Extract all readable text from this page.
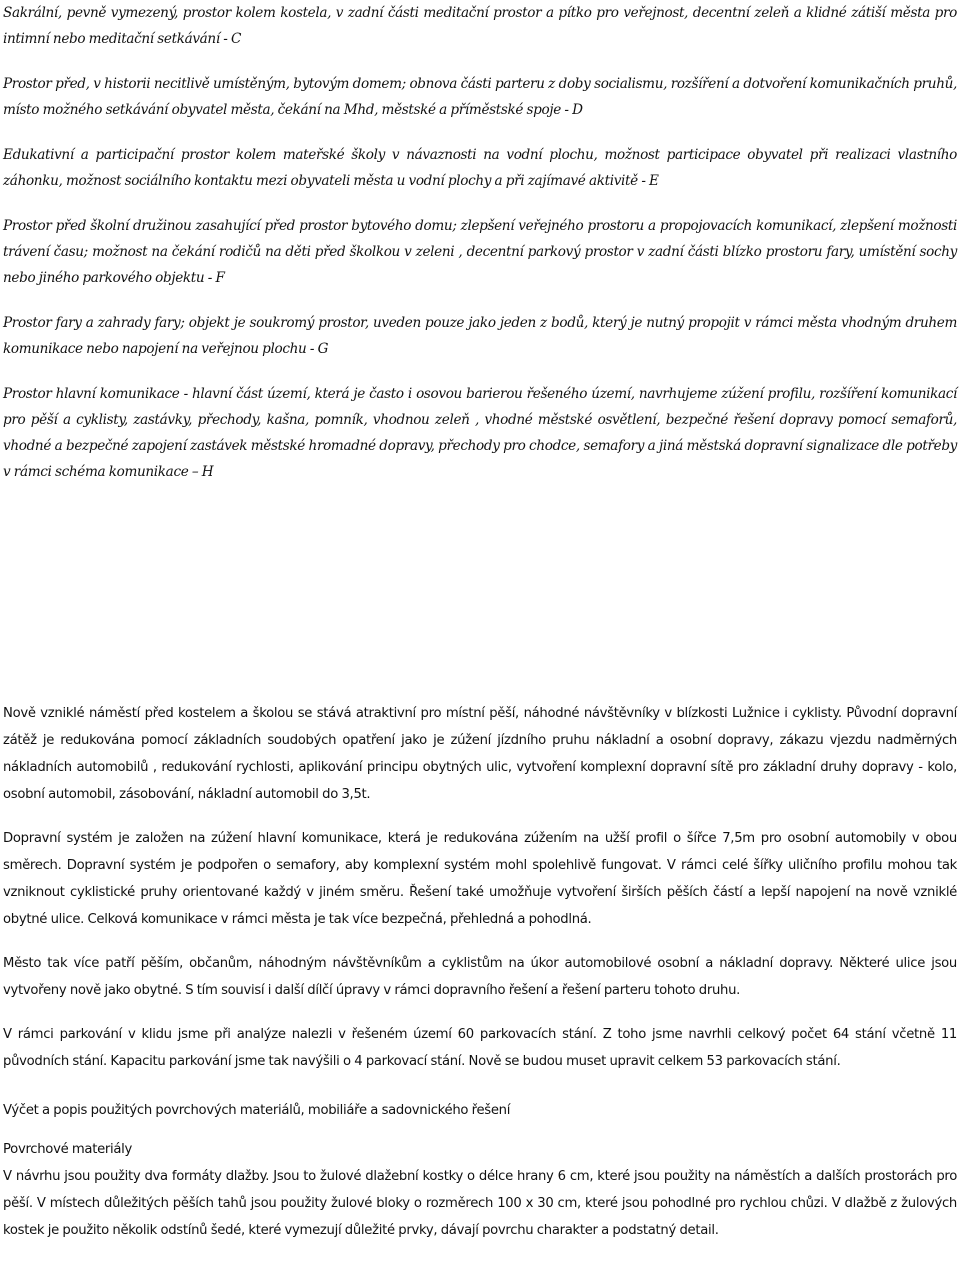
Sakrální, pevně vymezený, prostor kolem kostela, v zadní části meditační prostor a pítko pro veřejnost, decentní zeleň a klidné zátiší města pro intimní nebo meditační setkávání - C

Prostor před, v historii necitlivě umístěným, bytovým domem; obnova části parteru z doby socialismu, rozšíření a dotvoření komunikačních pruhů, místo možného setkávání obyvatel města, čekání na Mhd, městské a příměstské spoje - D

Edukativní a participační prostor kolem mateřské školy v návaznosti na vodní plochu, možnost participace obyvatel při realizaci vlastního záhonku, možnost sociálního kontaktu mezi obyvateli města u vodní plochy a při zajímavé aktivitě - E

Prostor před školní družinou zasahující před prostor bytového domu; zlepšení veřejného prostoru a propojovacích komunikací, zlepšení možnosti trávení času; možnost na čekání rodičů na děti před školkou v zeleni , decentní parkový prostor v zadní části blízko prostoru fary, umístění sochy nebo jiného parkového objektu - F

Prostor fary a zahrady fary; objekt je soukromý prostor, uveden pouze jako jeden z bodů, který je nutný propojit v rámci města vhodným druhem komunikace nebo napojení na veřejnou plochu - G

Prostor hlavní komunikace - hlavní část území, která je často i osovou barierou řešeného území, navrhujeme zúžení profilu, rozšíření komunikací pro pěší a cyklisty, zastávky, přechody, kašna, pomník, vhodnou zeleň , vhodné městské osvětlení, bezpečné řešení dopravy pomocí semaforů, vhodné a bezpečné zapojení zastávek městské hromadné dopravy, přechody pro chodce, semafory a jiná městská dopravní signalizace dle potřeby v rámci schéma komunikace – H

Nově vzniklé náměstí před kostelem a školou se stává atraktivní pro místní pěší, náhodné návštěvníky v blízkosti Lužnice i cyklisty. Původní dopravní zátěž je redukována pomocí základních soudobých opatření jako je zúžení jízdního pruhu nákladní a osobní dopravy, zákazu vjezdu nadměrných nákladních automobilů , redukování rychlosti, aplikování principu obytných ulic, vytvoření komplexní dopravní sítě pro základní druhy dopravy - kolo, osobní automobil, zásobování, nákladní automobil do 3,5t.

Dopravní systém je založen na zúžení hlavní komunikace, která je redukována zúžením na užší profil o šířce 7,5m pro osobní automobily v obou směrech. Dopravní systém je podpořen o semafory, aby komplexní systém mohl spolehlivě fungovat. V rámci celé šířky uličního profilu mohou tak vzniknout cyklistické pruhy orientované každý v jiném směru. Řešení také umožňuje vytvoření širších pěších částí a lepší napojení na nově vzniklé obytné ulice. Celková komunikace v rámci města je tak více bezpečná, přehledná a pohodlná.

Město tak více patří pěším, občanům, náhodným návštěvníkům a cyklistům na úkor automobilové osobní a nákladní dopravy. Některé ulice jsou vytvořeny nově jako obytné. S tím souvisí i další dílčí úpravy v rámci dopravního řešení a řešení parteru tohoto druhu.

V rámci parkování v klidu jsme při analýze nalezli v řešeném území 60 parkovacích stání. Z toho jsme navrhli celkový počet 64 stání včetně 11 původních stání. Kapacitu parkování jsme tak navýšili o 4 parkovací stání. Nově se budou muset upravit celkem 53 parkovacích stání.

Výčet a popis použitých povrchových materiálů, mobiliáře a sadovnického řešení

Povrchové materiály

V návrhu jsou použity dva formáty dlažby. Jsou to žulové dlažební kostky o délce hrany 6 cm, které jsou použity na náměstích a dalších prostorách pro pěší. V místech důležitých pěších tahů jsou použity žulové bloky o rozměrech 100 x 30 cm, které jsou pohodlné pro rychlou chůzi. V dlažbě z žulových kostek je použito několik odstínů šedé, které vymezují důležité prvky, dávají povrchu charakter a podstatný detail.
